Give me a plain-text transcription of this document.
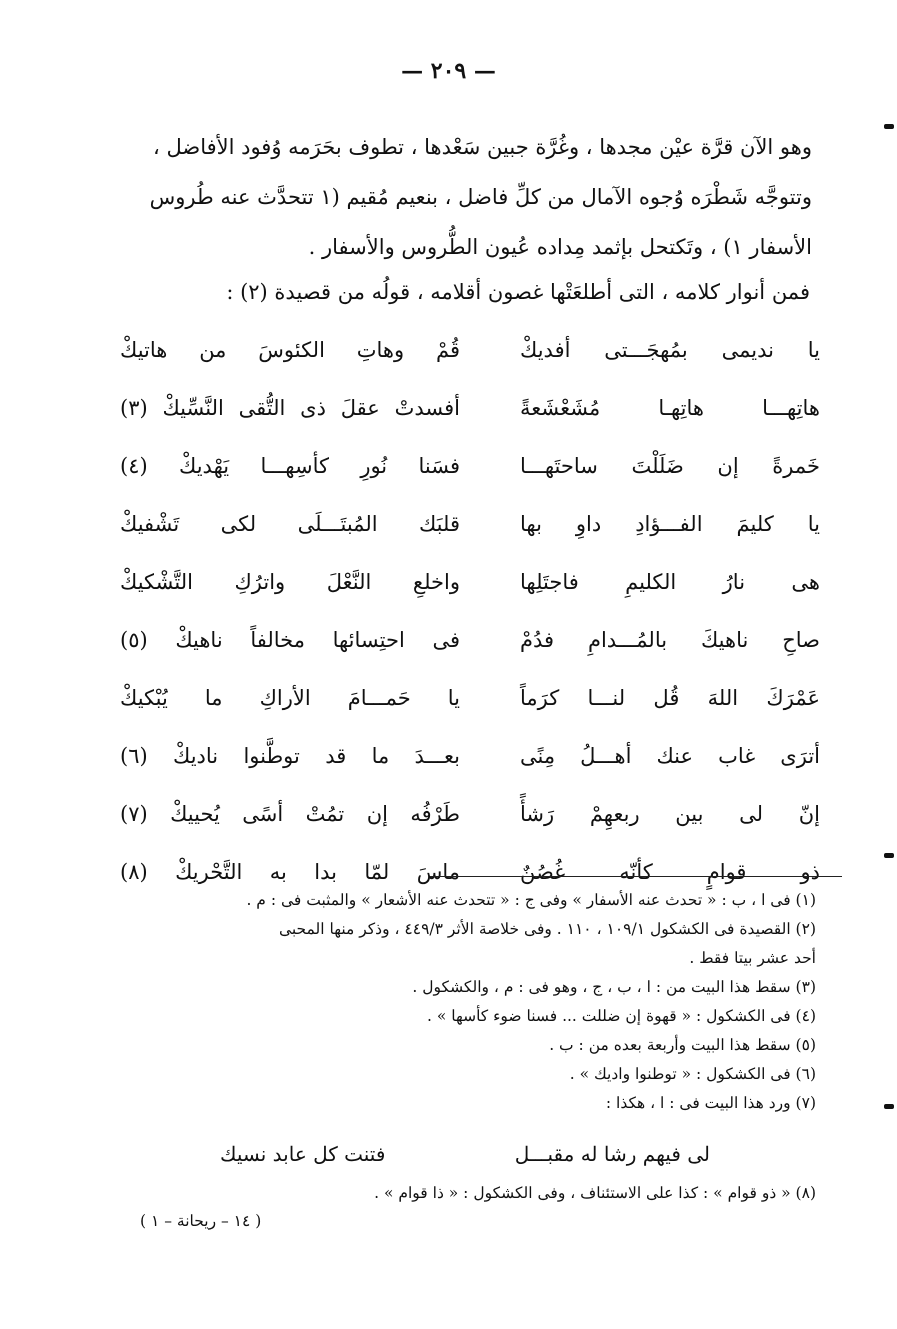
— ٢٠٩ —
وهو الآن قرَّة عيْن مجدها ، وغُرَّة جبين سَعْدها ، تطوف بحَرَمه وُفود الأفاضل ،
وتتوجَّه شَطْرَه وُجوه الآمال من كلِّ فاضل ، بنعيم مُقيم (١ تتحدَّث عنه طُروس
الأسفار ١) ، وتَكتحل بإثمد مِداده عُيون الطُّروس والأسفار .
فمن أنوار كلامه ، التى أطلعَتْها غصون أقلامه ، قولُه من قصيدة (٢) :
يا نديمى بمُهجَـــتى أفديكْ
قُمْ وهاتِ الكئوسَ من هاتيكْ
هاتِهـــا هاتِهـا مُشَعْشَعةً
أفسدتْ عقلَ ذى التُّقى النَّسِّيكْ (٣)
خَمرةً إن ضَلَلْتَ ساحتَهـــا
فسَنا نُورِ كأسِهـــا يَهْديكْ (٤)
يا كليمَ الفـــؤادِ داوِ بها
قلبَك المُبتَـــلَى لكى تَشْفيكْ
هى نارُ الكليمِ فاجتَلِها
واخلعِ النَّعْلَ واترُكِ التَّشْكيكْ
صاحِ ناهيكَ بالمُـــدامِ فدُمْ
فى احتِسائها مخالفاً ناهيكْ (٥)
عَمْرَكَ اللهَ قُل لنـــا كرَماً
يا حَمـــامَ الأراكِ ما يُبْكيكْ
أترَى غاب عنك أهـــلُ مِنًى
بعـــدَ ما قد توطَّنوا ناديكْ (٦)
إنّ لى بين ربعهِمْ رَشأً
طَرْفُه إن تمُتْ أسًى يُحييكْ (٧)
ذو قوامٍ كأنّه غُصُنٌ
ماسَ لمّا بدا به التَّحْريكْ (٨)
(١) فى ا ، ب : « تحدث عنه الأسفار » وفى ج : « تتحدث عنه الأشعار » والمثبت فى : م .
(٢) القصيدة فى الكشكول ١٠٩/١ ، ١١٠ . وفى خلاصة الأثر ٤٤٩/٣ ، وذكر منها المحبى
أحد عشر بيتا فقط .
(٣) سقط هذا البيت من : ا ، ب ، ج ، وهو فى : م ، والكشكول .
(٤) فى الكشكول : « قهوة إن ضللت ... فسنا ضوء كأسها » .
(٥) سقط هذا البيت وأربعة بعده من : ب .
(٦) فى الكشكول : « توطنوا واديك » .
(٧) ورد هذا البيت فى : ا ، هكذا :
لى فيهم رشا له مقبـــل
فتنت كل عابد نسيك
(٨) « ذو قوام » : كذا على الاستئناف ، وفى الكشكول : « ذا قوام » .
( ١٤ – ريحانة – ١ )
